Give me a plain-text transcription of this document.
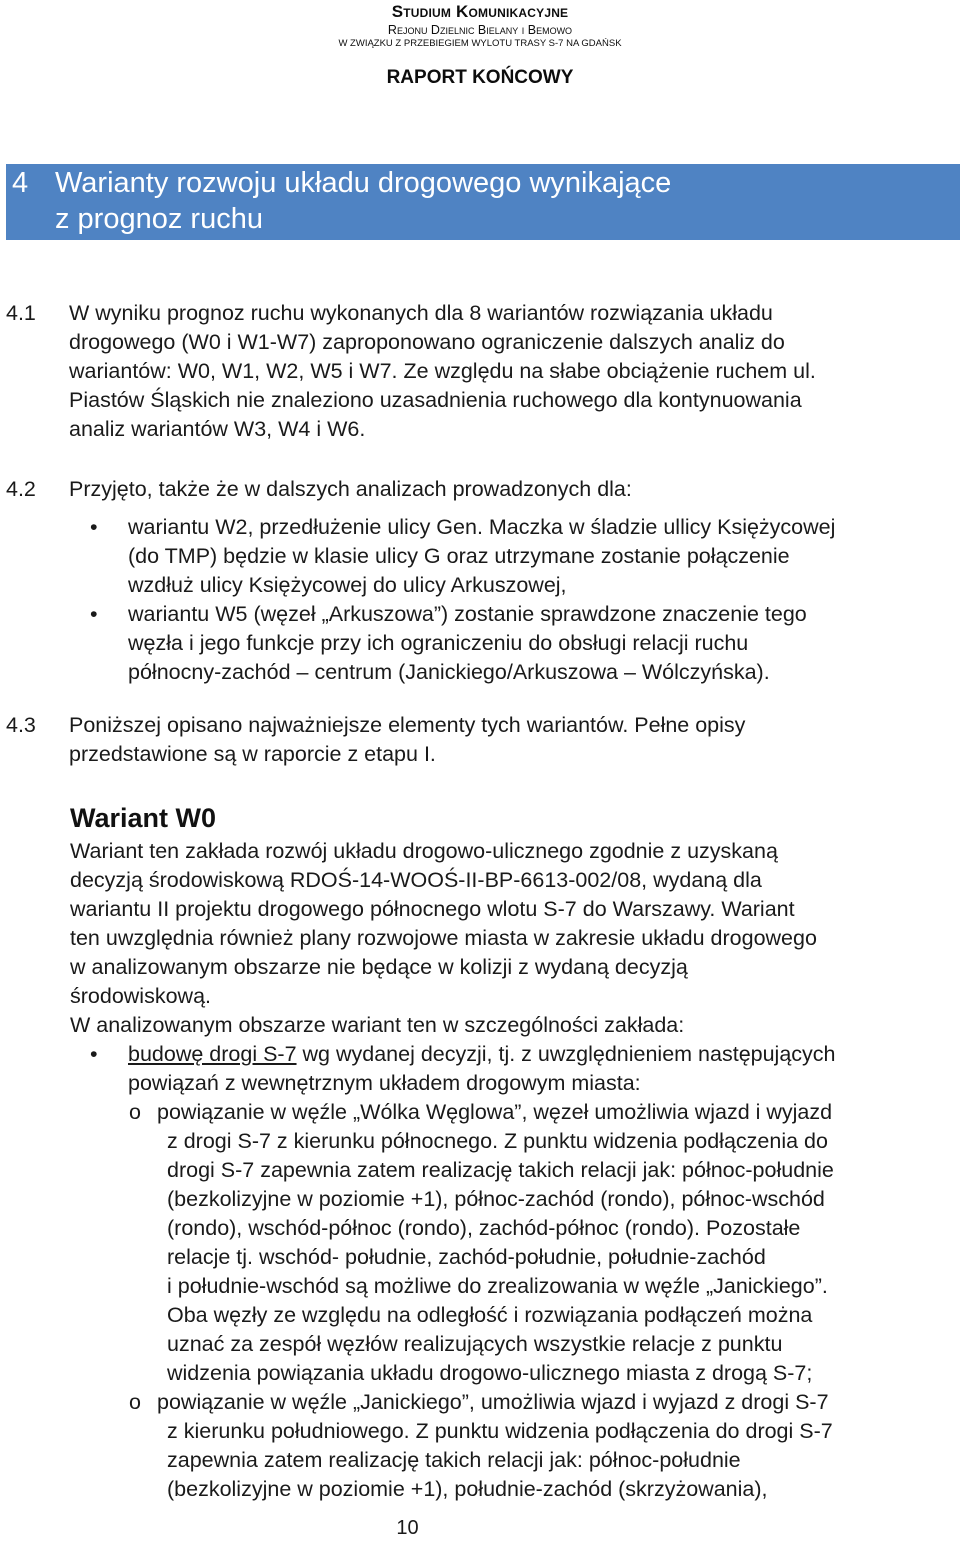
Studium Komunikacyjne
Rejonu Dzielnic Bielany i Bemowo
W ZWIĄZKU Z PRZEBIEGIEM WYLOTU TRASY S-7 NA GDAŃSK
RAPORT KOŃCOWY
4 Warianty rozwoju układu drogowego wynikające
z prognoz ruchu
4.1	W wyniku prognoz ruchu wykonanych dla 8 wariantów rozwiązania układu
drogowego (W0 i W1-W7) zaproponowano ograniczenie dalszych analiz do
wariantów: W0, W1, W2, W5 i W7. Ze względu na słabe obciążenie ruchem ul.
Piastów Śląskich nie znaleziono uzasadnienia ruchowego dla kontynuowania
analiz wariantów W3, W4 i W6.
4.2	Przyjęto, także że w dalszych analizach prowadzonych dla:
• wariantu W2, przedłużenie ulicy Gen. Maczka w śladzie ullicy Księżycowej
(do TMP) będzie w klasie ulicy G oraz utrzymane zostanie połączenie
wzdłuż ulicy Księżycowej do ulicy Arkuszowej,
• wariantu W5 (węzeł „Arkuszowa”) zostanie sprawdzone znaczenie tego
węzła i jego funkcje przy ich ograniczeniu do obsługi relacji ruchu
północny-zachód – centrum (Janickiego/Arkuszowa – Wólczyńska).
4.3	Poniższej opisano najważniejsze elementy tych wariantów. Pełne opisy
przedstawione są w raporcie z etapu I.
Wariant W0
Wariant ten zakłada rozwój układu drogowo-ulicznego zgodnie z uzyskaną
decyzją środowiskową RDOŚ-14-WOOŚ-II-BP-6613-002/08, wydaną dla
wariantu II projektu drogowego północnego wlotu S-7 do Warszawy. Wariant
ten uwzględnia również plany rozwojowe miasta w zakresie układu drogowego
w analizowanym obszarze nie będące w kolizji z wydaną decyzją
środowiskową.
W analizowanym obszarze wariant ten w szczególności zakłada:
• budowę drogi S-7 wg wydanej decyzji, tj. z uwzględnieniem następujących
powiązań z wewnętrznym układem drogowym miasta:
o powiązanie w węźle „Wólka Węglowa”, węzeł umożliwia wjazd i wyjazd
z drogi S-7 z kierunku północnego. Z punktu widzenia podłączenia do
drogi S-7 zapewnia zatem realizację takich relacji jak: północ-południe
(bezkolizyjne w poziomie +1), północ-zachód (rondo), północ-wschód
(rondo), wschód-północ (rondo), zachód-północ (rondo). Pozostałe
relacje tj. wschód- południe, zachód-południe, południe-zachód
i południe-wschód są możliwe do zrealizowania w węźle „Janickiego”.
Oba węzły ze względu na odległość i rozwiązania podłączeń można
uznać za zespół węzłów realizujących wszystkie relacje z punktu
widzenia powiązania układu drogowo-ulicznego miasta z drogą S-7;
o powiązanie w węźle „Janickiego”, umożliwia wjazd i wyjazd z drogi S-7
z kierunku południowego. Z punktu widzenia podłączenia do drogi S-7
zapewnia zatem realizację takich relacji jak: północ-południe
(bezkolizyjne w poziomie +1), południe-zachód (skrzyżowania),
10
